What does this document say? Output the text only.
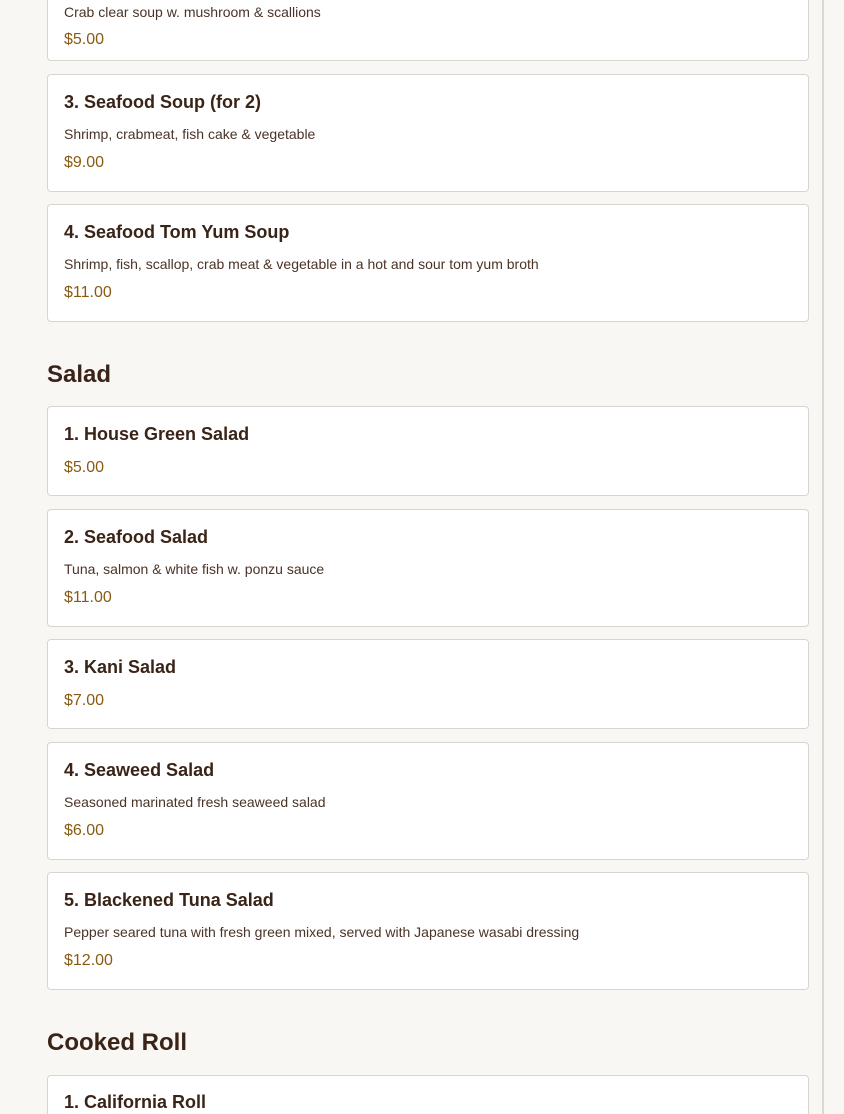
Crab clear soup w. mushroom & scallions
$5.00
3. Seafood Soup (for 2)
Shrimp, crabmeat, fish cake & vegetable
$9.00
4. Seafood Tom Yum Soup
Shrimp, fish, scallop, crab meat & vegetable in a hot and sour tom yum broth
$11.00
Salad
1. House Green Salad
$5.00
2. Seafood Salad
Tuna, salmon & white fish w. ponzu sauce
$11.00
3. Kani Salad
$7.00
4. Seaweed Salad
Seasoned marinated fresh seaweed salad
$6.00
5. Blackened Tuna Salad
Pepper seared tuna with fresh green mixed, served with Japanese wasabi dressing
$12.00
Cooked Roll
1. California Roll
